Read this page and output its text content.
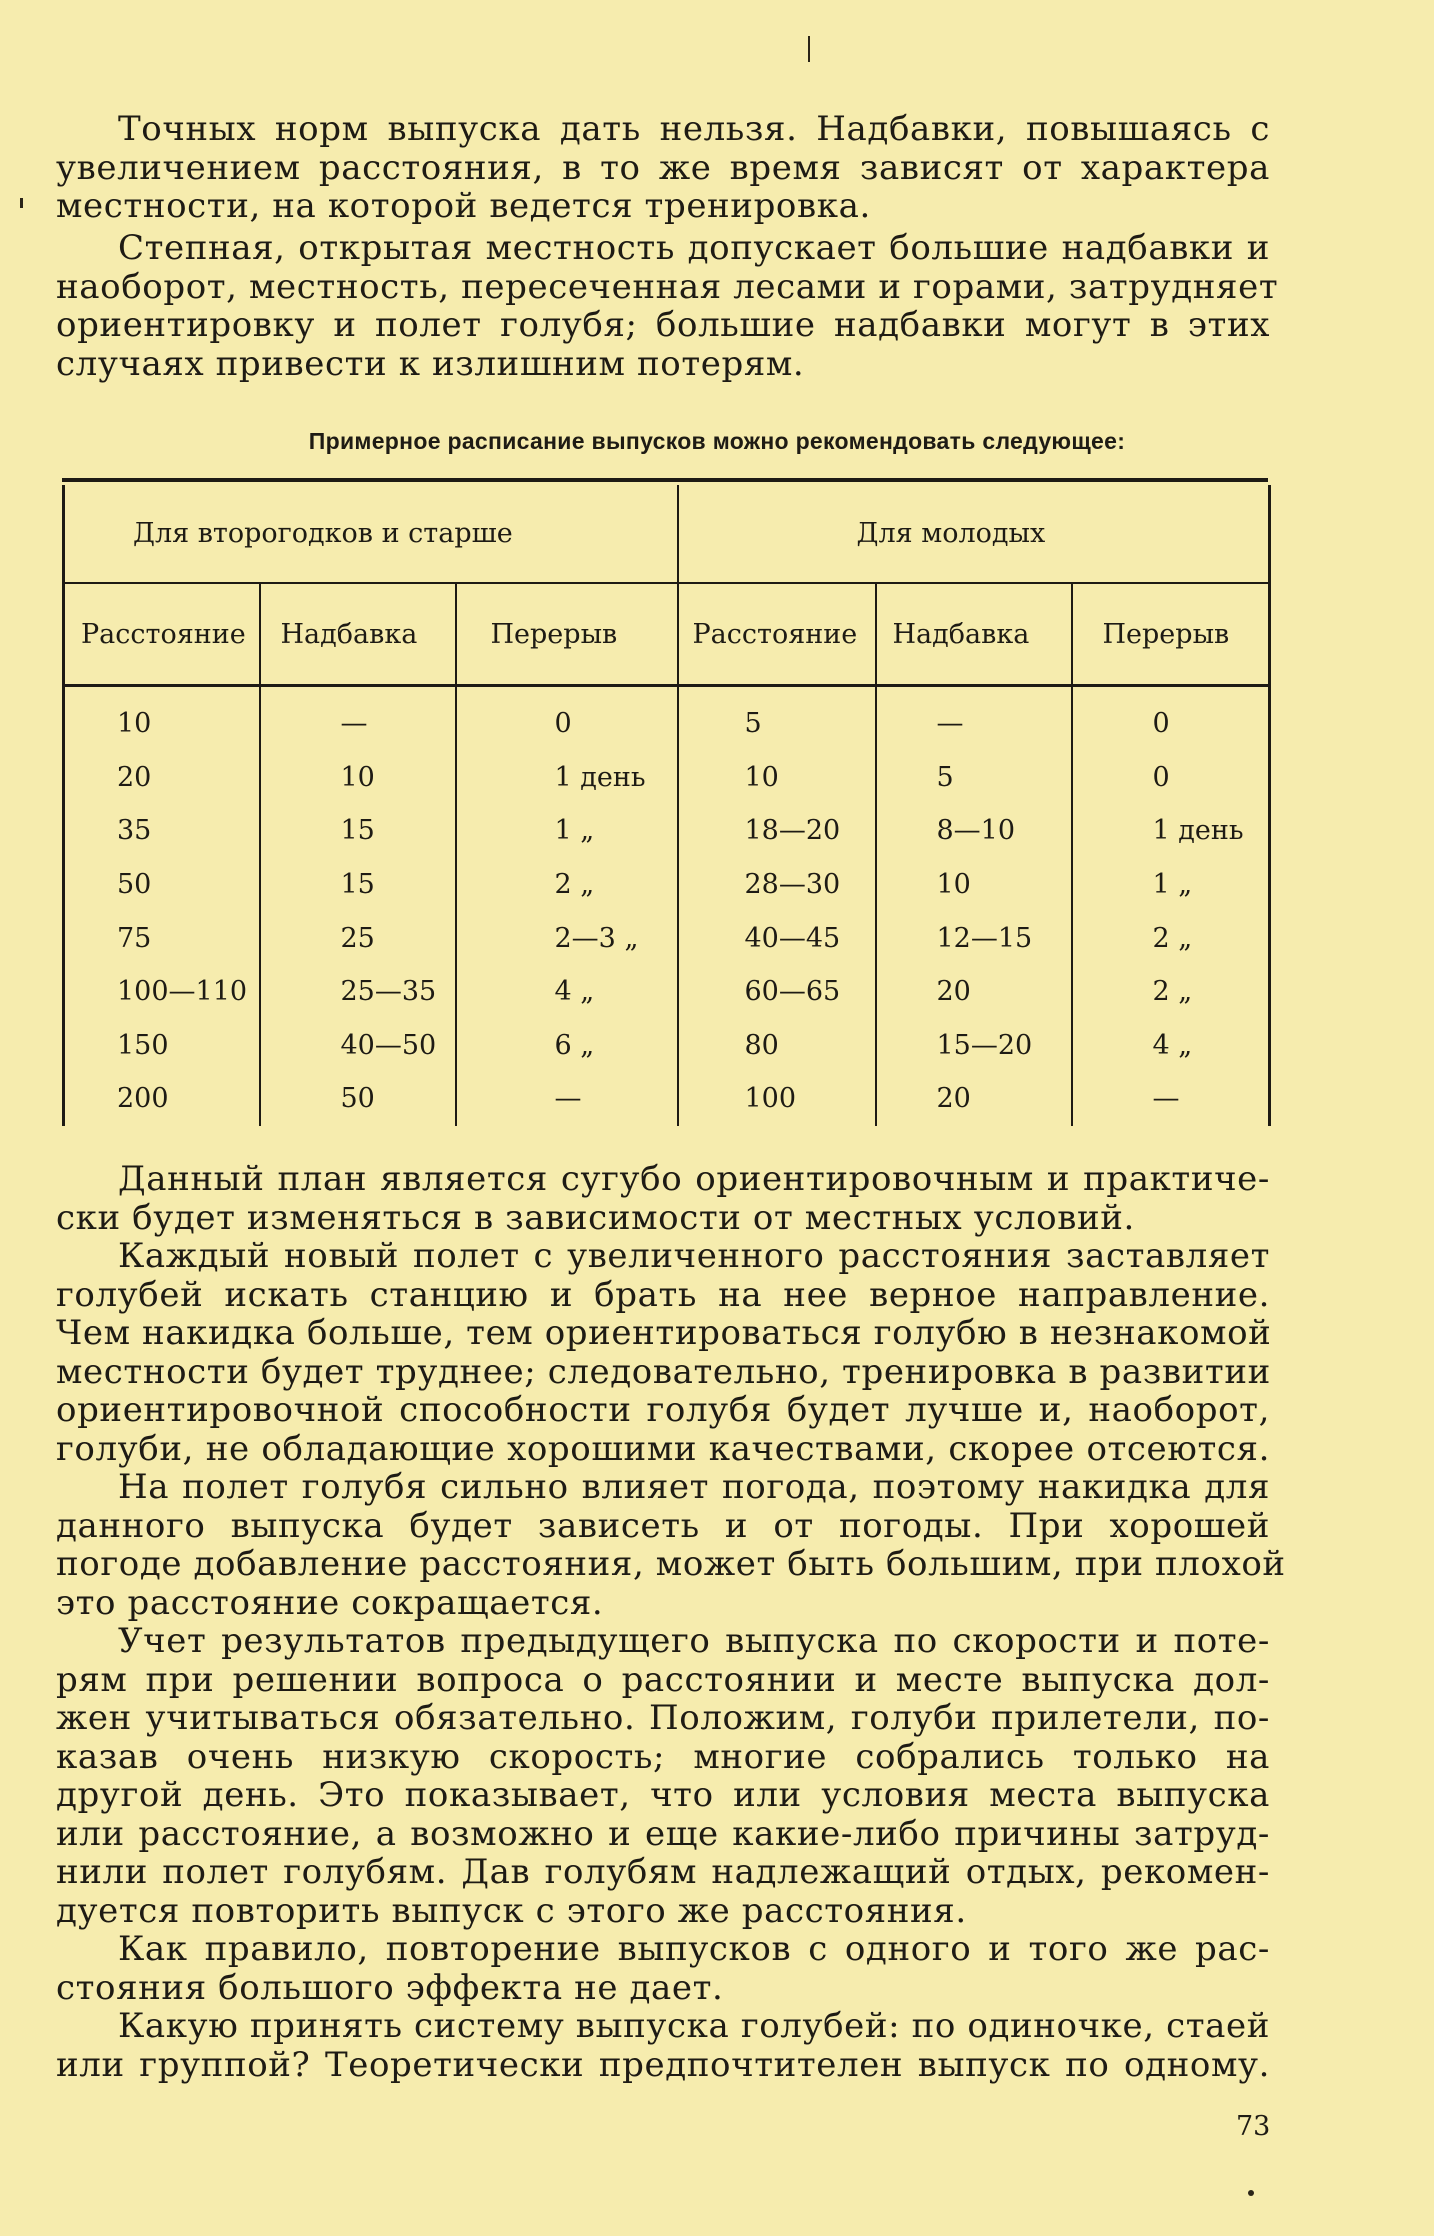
Точных норм выпуска дать нельзя. Надбавки, повышаясь с
увеличением расстояния, в то же время зависят от характера
местности, на которой ведется тренировка.

Степная, открытая местность допускает большие надбавки и
наоборот, местность, пересеченная лесами и горами, затрудняет
ориентировку и полет голубя; большие надбавки могут в этих
случаях привести к излишним потерям.

Примерное расписание выпусков можно рекомендовать следующее:
Для второгодков и старше			Для молодых		

Расстояние	Надбавка	Перерыв	Расстояние	Надбавка	Перерыв

10	—	0	5	—	0

20	10	1 день	10	5	0

35	15	1 „	18—20	8—10	1 день

50	15	2 „	28—30	10	1 „

75	25	2—3 „	40—45	12—15	2 „

100—110	25—35	4 „	60—65	20	2 „

150	40—50	6 „	80	15—20	4 „

200	50	—	100	20	—

Данный план является сугубо ориентировочным и практиче-
ски будет изменяться в зависимости от местных условий.

Каждый новый полет с увеличенного расстояния заставляет
голубей искать станцию и брать на нее верное направление.
Чем накидка больше, тем ориентироваться голубю в незнакомой
местности будет труднее; следовательно, тренировка в развитии
ориентировочной способности голубя будет лучше и, наоборот,
голуби, не обладающие хорошими качествами, скорее отсеются.

На полет голубя сильно влияет погода, поэтому накидка для
данного выпуска будет зависеть и от погоды. При хорошей
погоде добавление расстояния, может быть большим, при плохой
это расстояние сокращается.

Учет результатов предыдущего выпуска по скорости и поте-
рям при решении вопроса о расстоянии и месте выпуска дол-
жен учитываться обязательно. Положим, голуби прилетели, по-
казав очень низкую скорость; многие собрались только на
другой день. Это показывает, что или условия места выпуска
или расстояние, а возможно и еще какие-либо причины затруд-
нили полет голубям. Дав голубям надлежащий отдых, рекомен-
дуется повторить выпуск с этого же расстояния.

Как правило, повторение выпусков с одного и того же рас-
стояния большого эффекта не дает.

Какую принять систему выпуска голубей: по одиночке, стаей
или группой? Теоретически предпочтителен выпуск по одному.

73
